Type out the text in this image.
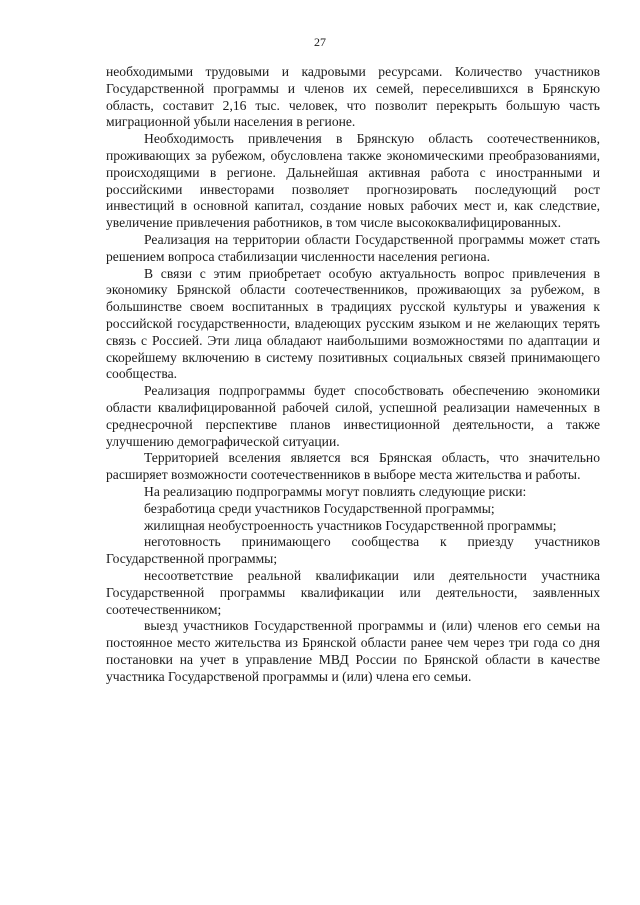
27

необходимыми трудовыми и кадровыми ресурсами. Количество участников Государственной программы и членов их семей, переселившихся в Брянскую область, составит 2,16 тыс. человек, что позволит перекрыть большую часть миграционной убыли населения в регионе.

Необходимость привлечения в Брянскую область соотечественников, проживающих за рубежом, обусловлена также экономическими преобразованиями, происходящими в регионе. Дальнейшая активная работа с иностранными и российскими инвесторами позволяет прогнозировать последующий рост инвестиций в основной капитал, создание новых рабочих мест и, как следствие, увеличение привлечения работников, в том числе высококвалифицированных.

Реализация на территории области Государственной программы может стать решением вопроса стабилизации численности населения региона.

В связи с этим приобретает особую актуальность вопрос привлечения в экономику Брянской области соотечественников, проживающих за рубежом, в большинстве своем воспитанных в традициях русской культуры и уважения к российской государственности, владеющих русским языком и не желающих терять связь с Россией. Эти лица обладают наибольшими возможностями по адаптации и скорейшему включению в систему позитивных социальных связей принимающего сообщества.

Реализация подпрограммы будет способствовать обеспечению экономики области квалифицированной рабочей силой, успешной реализации намеченных в среднесрочной перспективе планов инвестиционной деятельности, а также улучшению демографической ситуации.

Территорией вселения является вся Брянская область, что значительно расширяет возможности соотечественников в выборе места жительства и работы.

На реализацию подпрограммы могут повлиять следующие риски:

безработица среди участников Государственной программы;

жилищная необустроенность участников Государственной программы;

неготовность принимающего сообщества к приезду участников Государственной программы;

несоответствие реальной квалификации или деятельности участника Государственной программы квалификации или деятельности, заявленных соотечественником;

выезд участников Государственной программы и (или) членов его семьи на постоянное место жительства из Брянской области ранее чем через три года со дня постановки на учет в управление МВД России по Брянской области в качестве участника Государственой программы и (или) члена его семьи.
